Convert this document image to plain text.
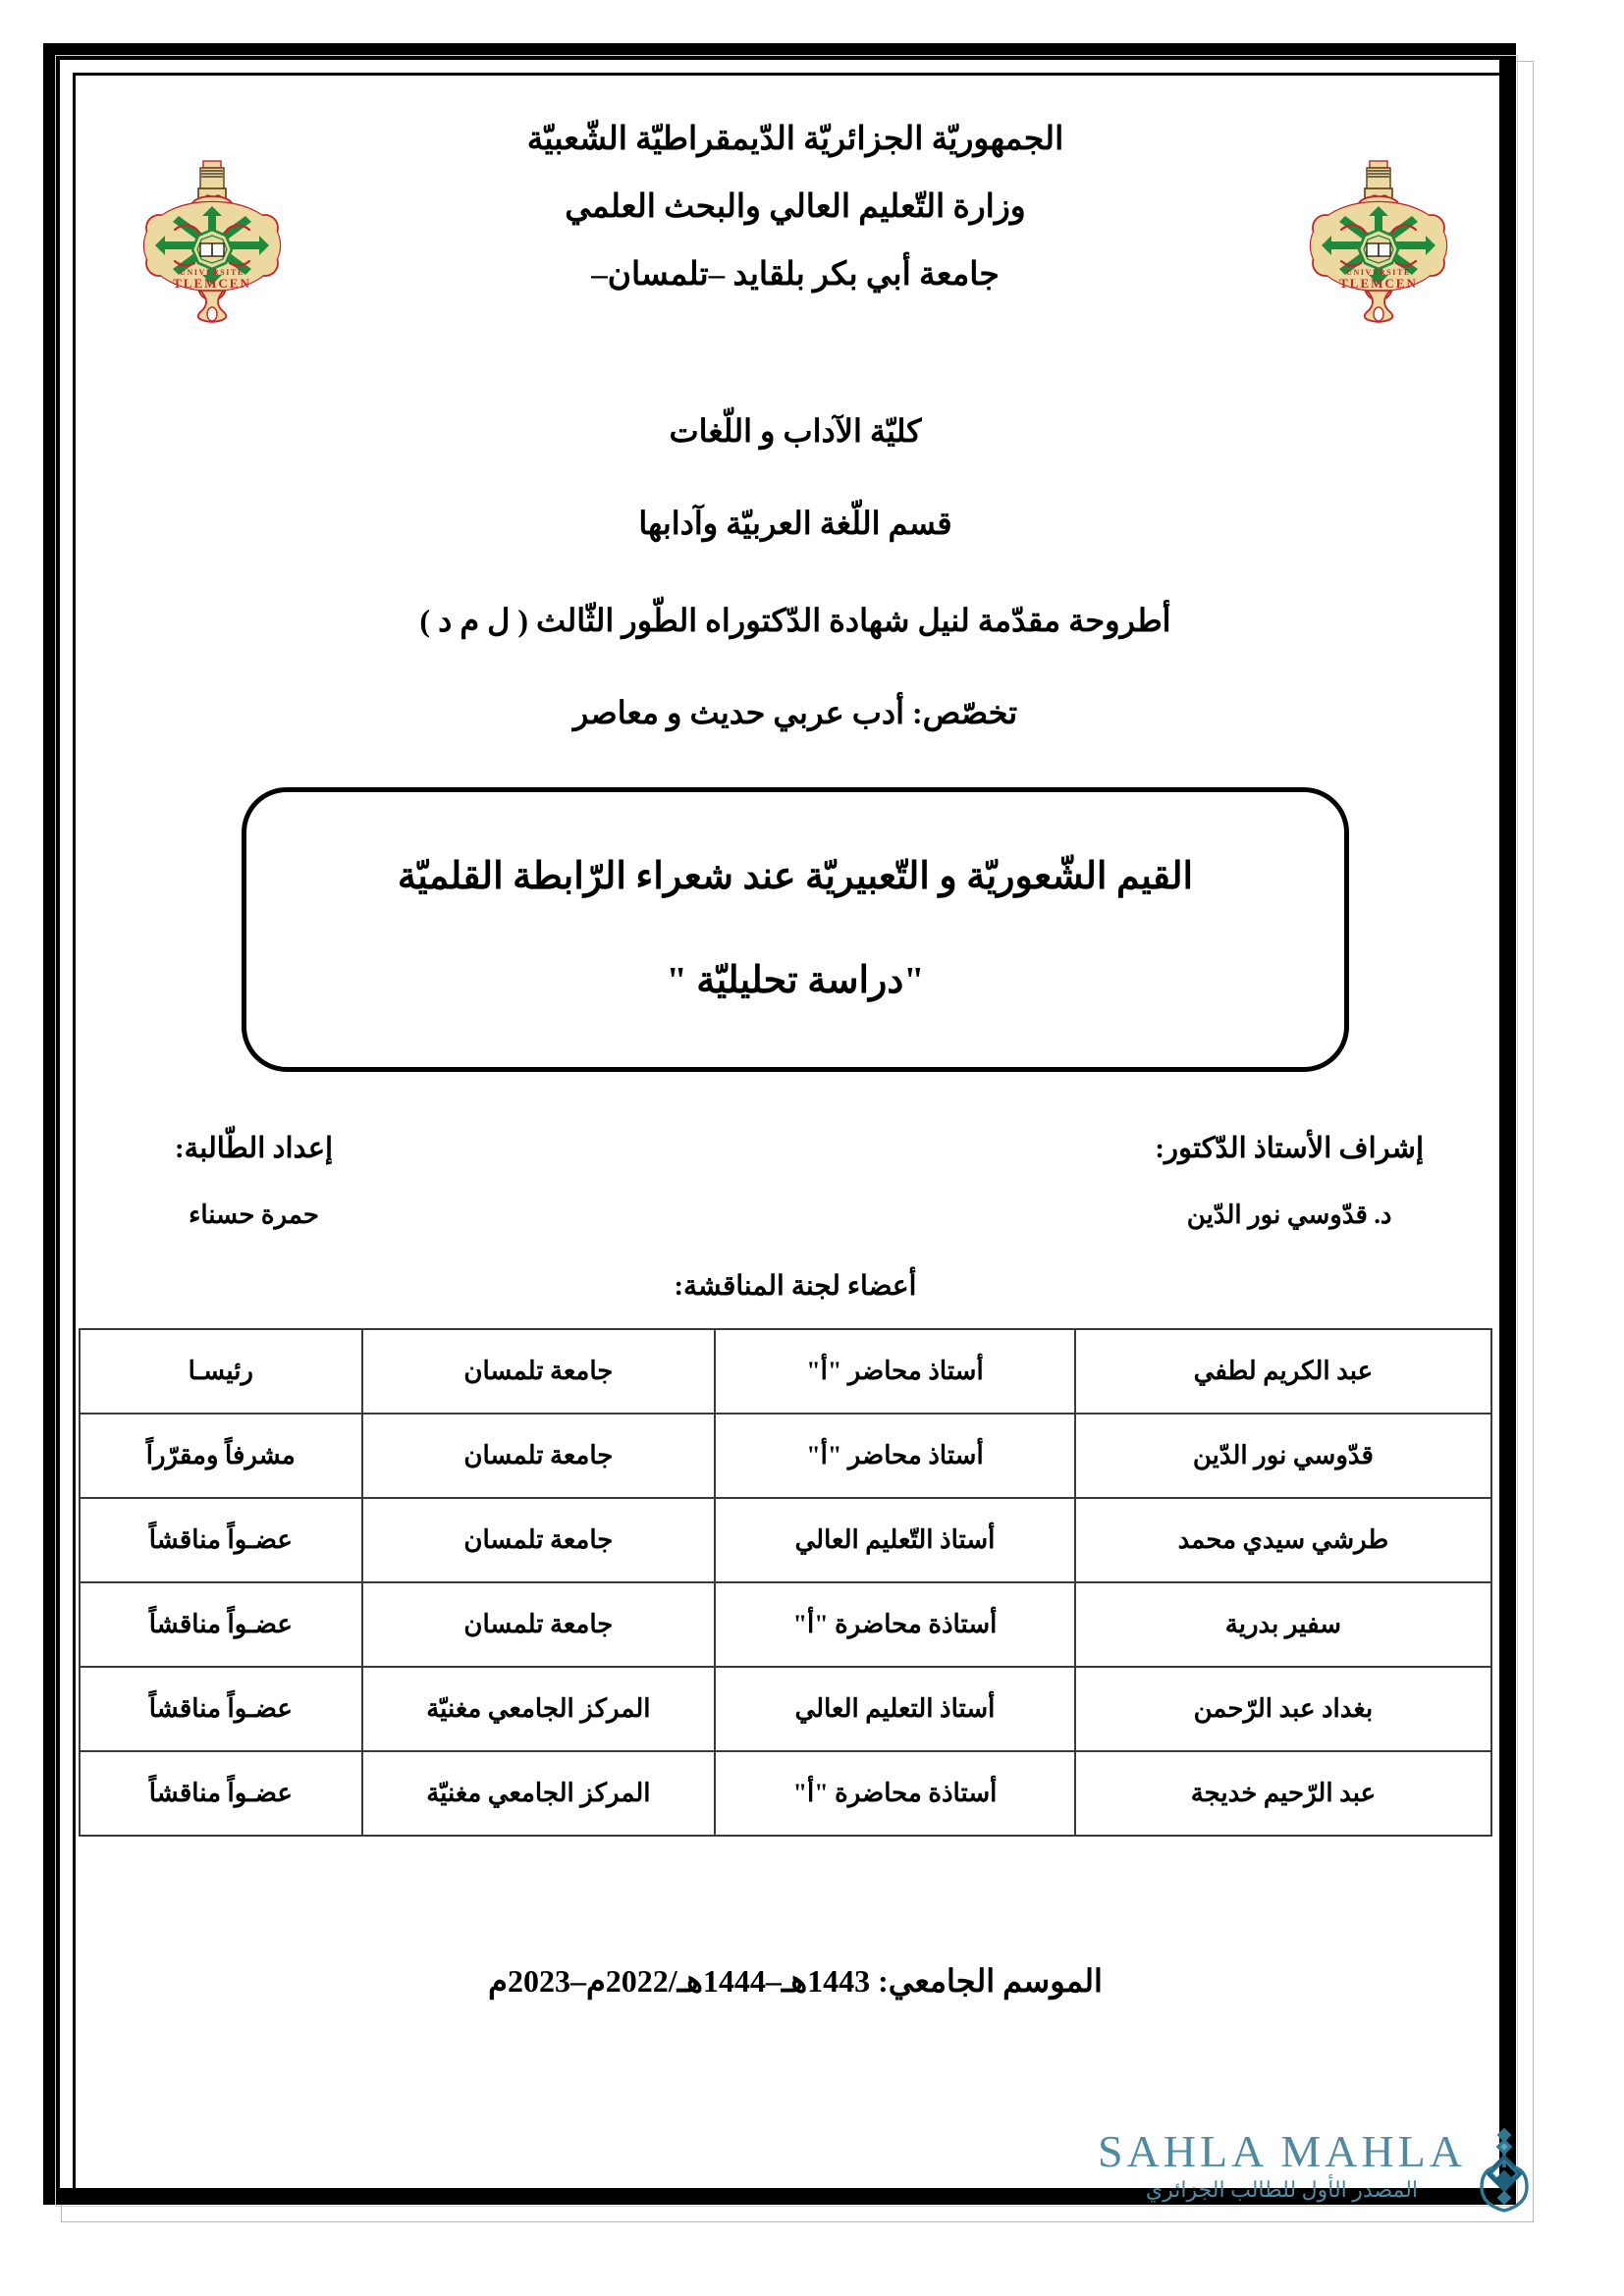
UNIVERSITE
TLEMCEN
UNIVERSITE
TLEMCEN
الجمهوريّة الجزائريّة الدّيمقراطيّة الشّعبيّة
وزارة التّعليم العالي والبحث العلمي
جامعة أبي بكر بلقايد –تلمسان–
كليّة الآداب و اللّغات
قسم اللّغة العربيّة وآدابها
أطروحة مقدّمة لنيل شهادة الدّكتوراه الطّور الثّالث ( ل م د )
تخصّص: أدب عربي حديث و معاصر
القيم الشّعوريّة و التّعبيريّة عند شعراء الرّابطة القلميّة
"دراسة تحليليّة "
إشراف الأستاذ الدّكتور:
د. قدّوسي نور الدّين
إعداد الطّالبة:
حمرة حسناء
أعضاء لجنة المناقشة:
عبد الكريم لطفي	أستاذ محاضر "أ"	جامعة تلمسان	رئيسـا
قدّوسي نور الدّين	أستاذ محاضر "أ"	جامعة تلمسان	مشرفاً ومقرّراً
طرشي سيدي محمد	أستاذ التّعليم العالي	جامعة تلمسان	عضـواً مناقشاً
سفير بدرية	أستاذة محاضرة "أ"	جامعة تلمسان	عضـواً مناقشاً
بغداد عبد الرّحمن	أستاذ التعليم العالي	المركز الجامعي مغنيّة	عضـواً مناقشاً
عبد الرّحيم خديجة	أستاذة محاضرة "أ"	المركز الجامعي مغنيّة	عضـواً مناقشاً
الموسم الجامعي: 1443هـ–1444هـ/2022م–2023م
SAHLA MAHLA
المصدر الأول للطالب الجزائري
